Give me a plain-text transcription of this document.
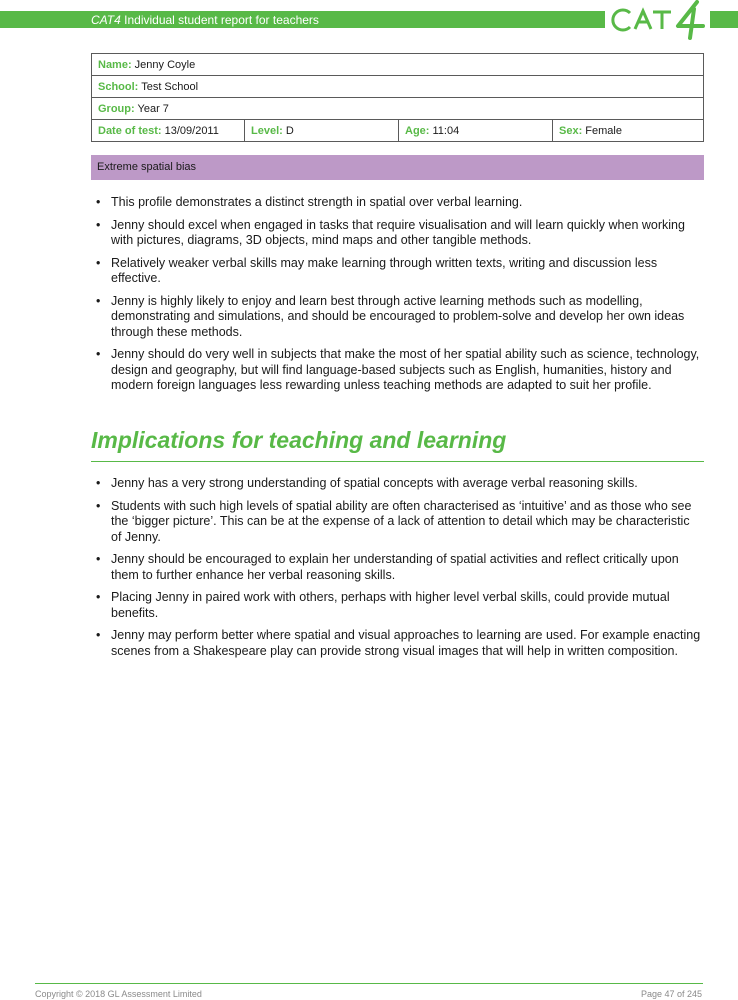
CAT4 Individual student report for teachers
Name: Jenny Coyle
School: Test School
Group: Year 7
Date of test: 13/09/2011	Level: D	Age: 11:04	Sex: Female
Extreme spatial bias
• This profile demonstrates a distinct strength in spatial over verbal learning.
• Jenny should excel when engaged in tasks that require visualisation and will learn quickly when working with pictures, diagrams, 3D objects, mind maps and other tangible methods.
• Relatively weaker verbal skills may make learning through written texts, writing and discussion less effective.
• Jenny is highly likely to enjoy and learn best through active learning methods such as modelling, demonstrating and simulations, and should be encouraged to problem-solve and develop her own ideas through these methods.
• Jenny should do very well in subjects that make the most of her spatial ability such as science, technology, design and geography, but will find language-based subjects such as English, humanities, history and modern foreign languages less rewarding unless teaching methods are adapted to suit her profile.
Implications for teaching and learning
• Jenny has a very strong understanding of spatial concepts with average verbal reasoning skills.
• Students with such high levels of spatial ability are often characterised as ‘intuitive’ and as those who see the ‘bigger picture’. This can be at the expense of a lack of attention to detail which may be characteristic of Jenny.
• Jenny should be encouraged to explain her understanding of spatial activities and reflect critically upon them to further enhance her verbal reasoning skills.
• Placing Jenny in paired work with others, perhaps with higher level verbal skills, could provide mutual benefits.
• Jenny may perform better where spatial and visual approaches to learning are used. For example enacting scenes from a Shakespeare play can provide strong visual images that will help in written composition.
Copyright © 2018 GL Assessment Limited	Page 47 of 245
